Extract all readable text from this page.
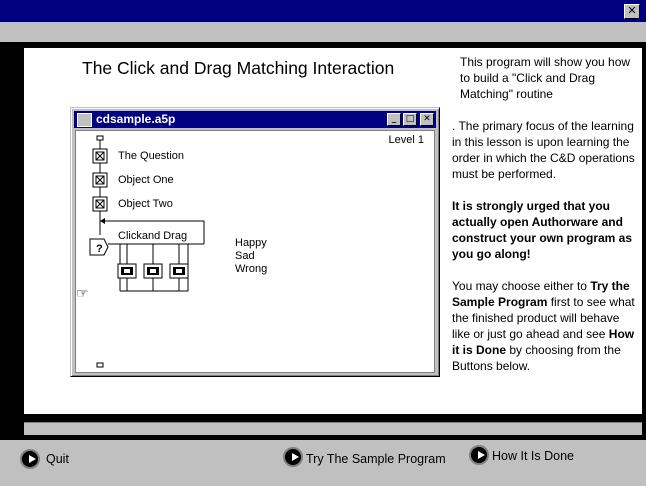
✕
The Click and Drag Matching Interaction	This program will show you how to build a "Click and Drag Matching" routine

. The primary focus of the learning in this lesson is upon learning the order in which the C&D operations must be performed.

It is strongly urged that you actually open Authorware and construct your own program as you go along!

You may choose either to Try the Sample Program first to see what the finished product will behave like or just go ahead and see How it is Done by choosing from the Buttons below.

cdsample.a5p	_	□ ✕
?
Level 1
The Question
Object One
Object Two
Clickand Drag
Happy
Sad
Wrong
☞
Quit	Try The Sample Program	How It Is Done
